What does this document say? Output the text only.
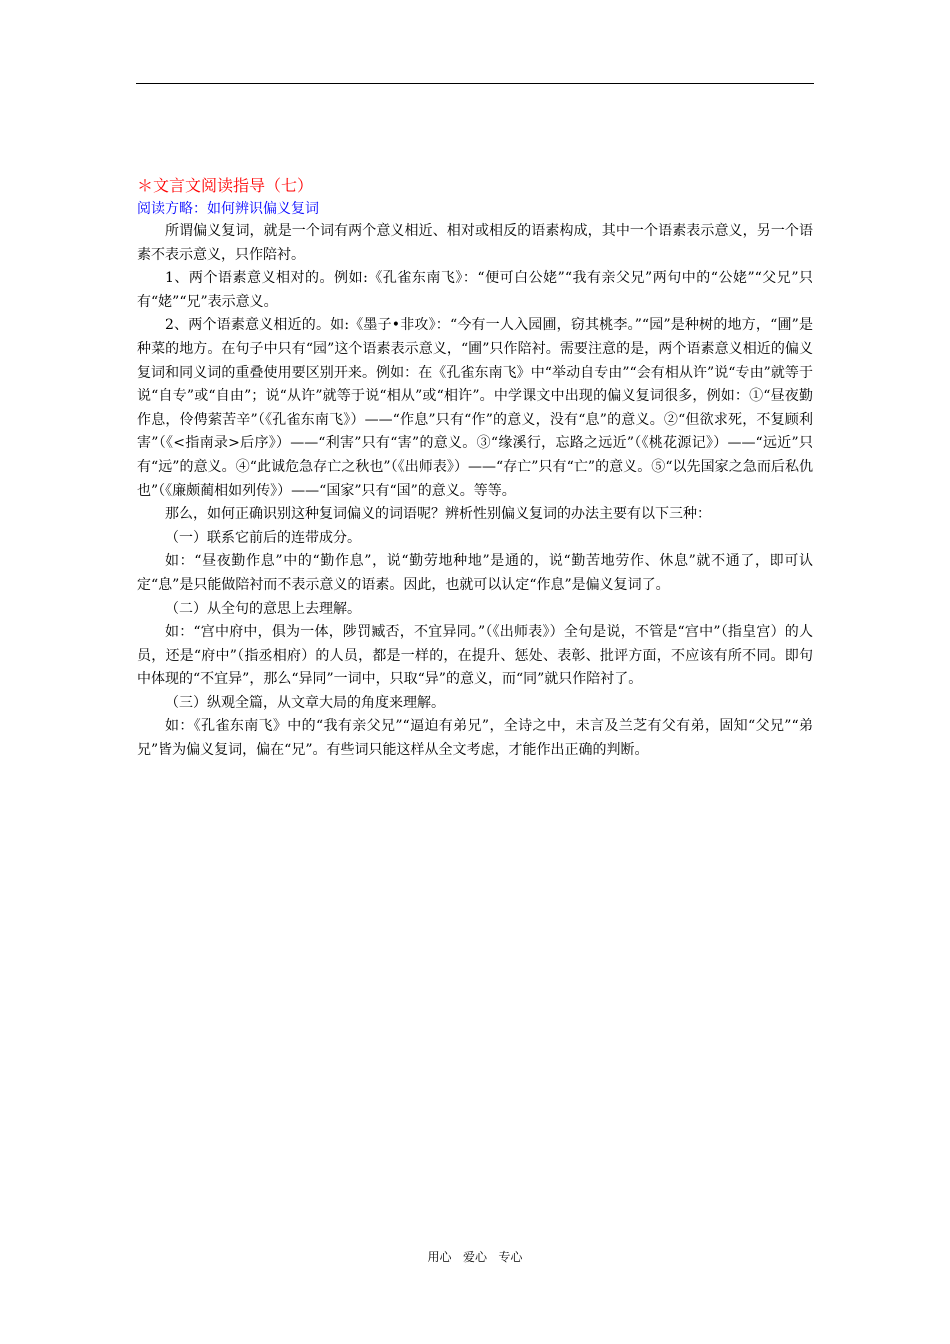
＊文言文阅读指导（七）
阅读方略：如何辨识偏义复词

所谓偏义复词，就是一个词有两个意义相近、相对或相反的语素构成，其中一个语素表示意义，另一个语素不表示意义，只作陪衬。

1、两个语素意义相对的。例如:《孔雀东南飞》：“便可白公姥”“我有亲父兄”两句中的“公姥”“父兄”只有“姥”“兄”表示意义。

2、两个语素意义相近的。如:《墨子•非攻》：“今有一人入园圃，窃其桃李。”“园”是种树的地方，“圃”是种菜的地方。在句子中只有“园”这个语素表示意义，“圃”只作陪衬。需要注意的是，两个语素意义相近的偏义复词和同义词的重叠使用要区别开来。例如：在《孔雀东南飞》中“举动自专由”“会有相从许”说“专由”就等于说“自专”或“自由”；说“从许”就等于说“相从”或“相许”。中学课文中出现的偏义复词很多，例如：①“昼夜勤作息，伶俜萦苦辛”（《孔雀东南飞》）——“作息”只有“作”的意义，没有“息”的意义。②“但欲求死，不复顾利害”（《<指南录>后序》）——“利害”只有“害”的意义。③“缘溪行，忘路之远近”（《桃花源记》）——“远近”只有“远”的意义。④“此诚危急存亡之秋也”（《出师表》）——“存亡”只有“亡”的意义。⑤“以先国家之急而后私仇也”（《廉颇蔺相如列传》）——“国家”只有“国”的意义。等等。

那么，如何正确识别这种复词偏义的词语呢？辨析性别偏义复词的办法主要有以下三种：

（一）联系它前后的连带成分。

如：“昼夜勤作息”中的“勤作息”，说“勤劳地种地”是通的，说“勤苦地劳作、休息”就不通了，即可认定“息”是只能做陪衬而不表示意义的语素。因此，也就可以认定“作息”是偏义复词了。

（二）从全句的意思上去理解。

如：“宫中府中，俱为一体，陟罚臧否，不宜异同。”（《出师表》）全句是说，不管是“宫中”（指皇宫）的人员，还是“府中”（指丞相府）的人员，都是一样的，在提升、惩处、表彰、批评方面，不应该有所不同。即句中体现的“不宜异”，那么“异同”一词中，只取“异”的意义，而“同”就只作陪衬了。

（三）纵观全篇，从文章大局的角度来理解。

如：《孔雀东南飞》中的“我有亲父兄”“逼迫有弟兄”，全诗之中，未言及兰芝有父有弟，固知“父兄”“弟兄”皆为偏义复词，偏在“兄”。有些词只能这样从全文考虑，才能作出正确的判断。

用心   爱心   专心
